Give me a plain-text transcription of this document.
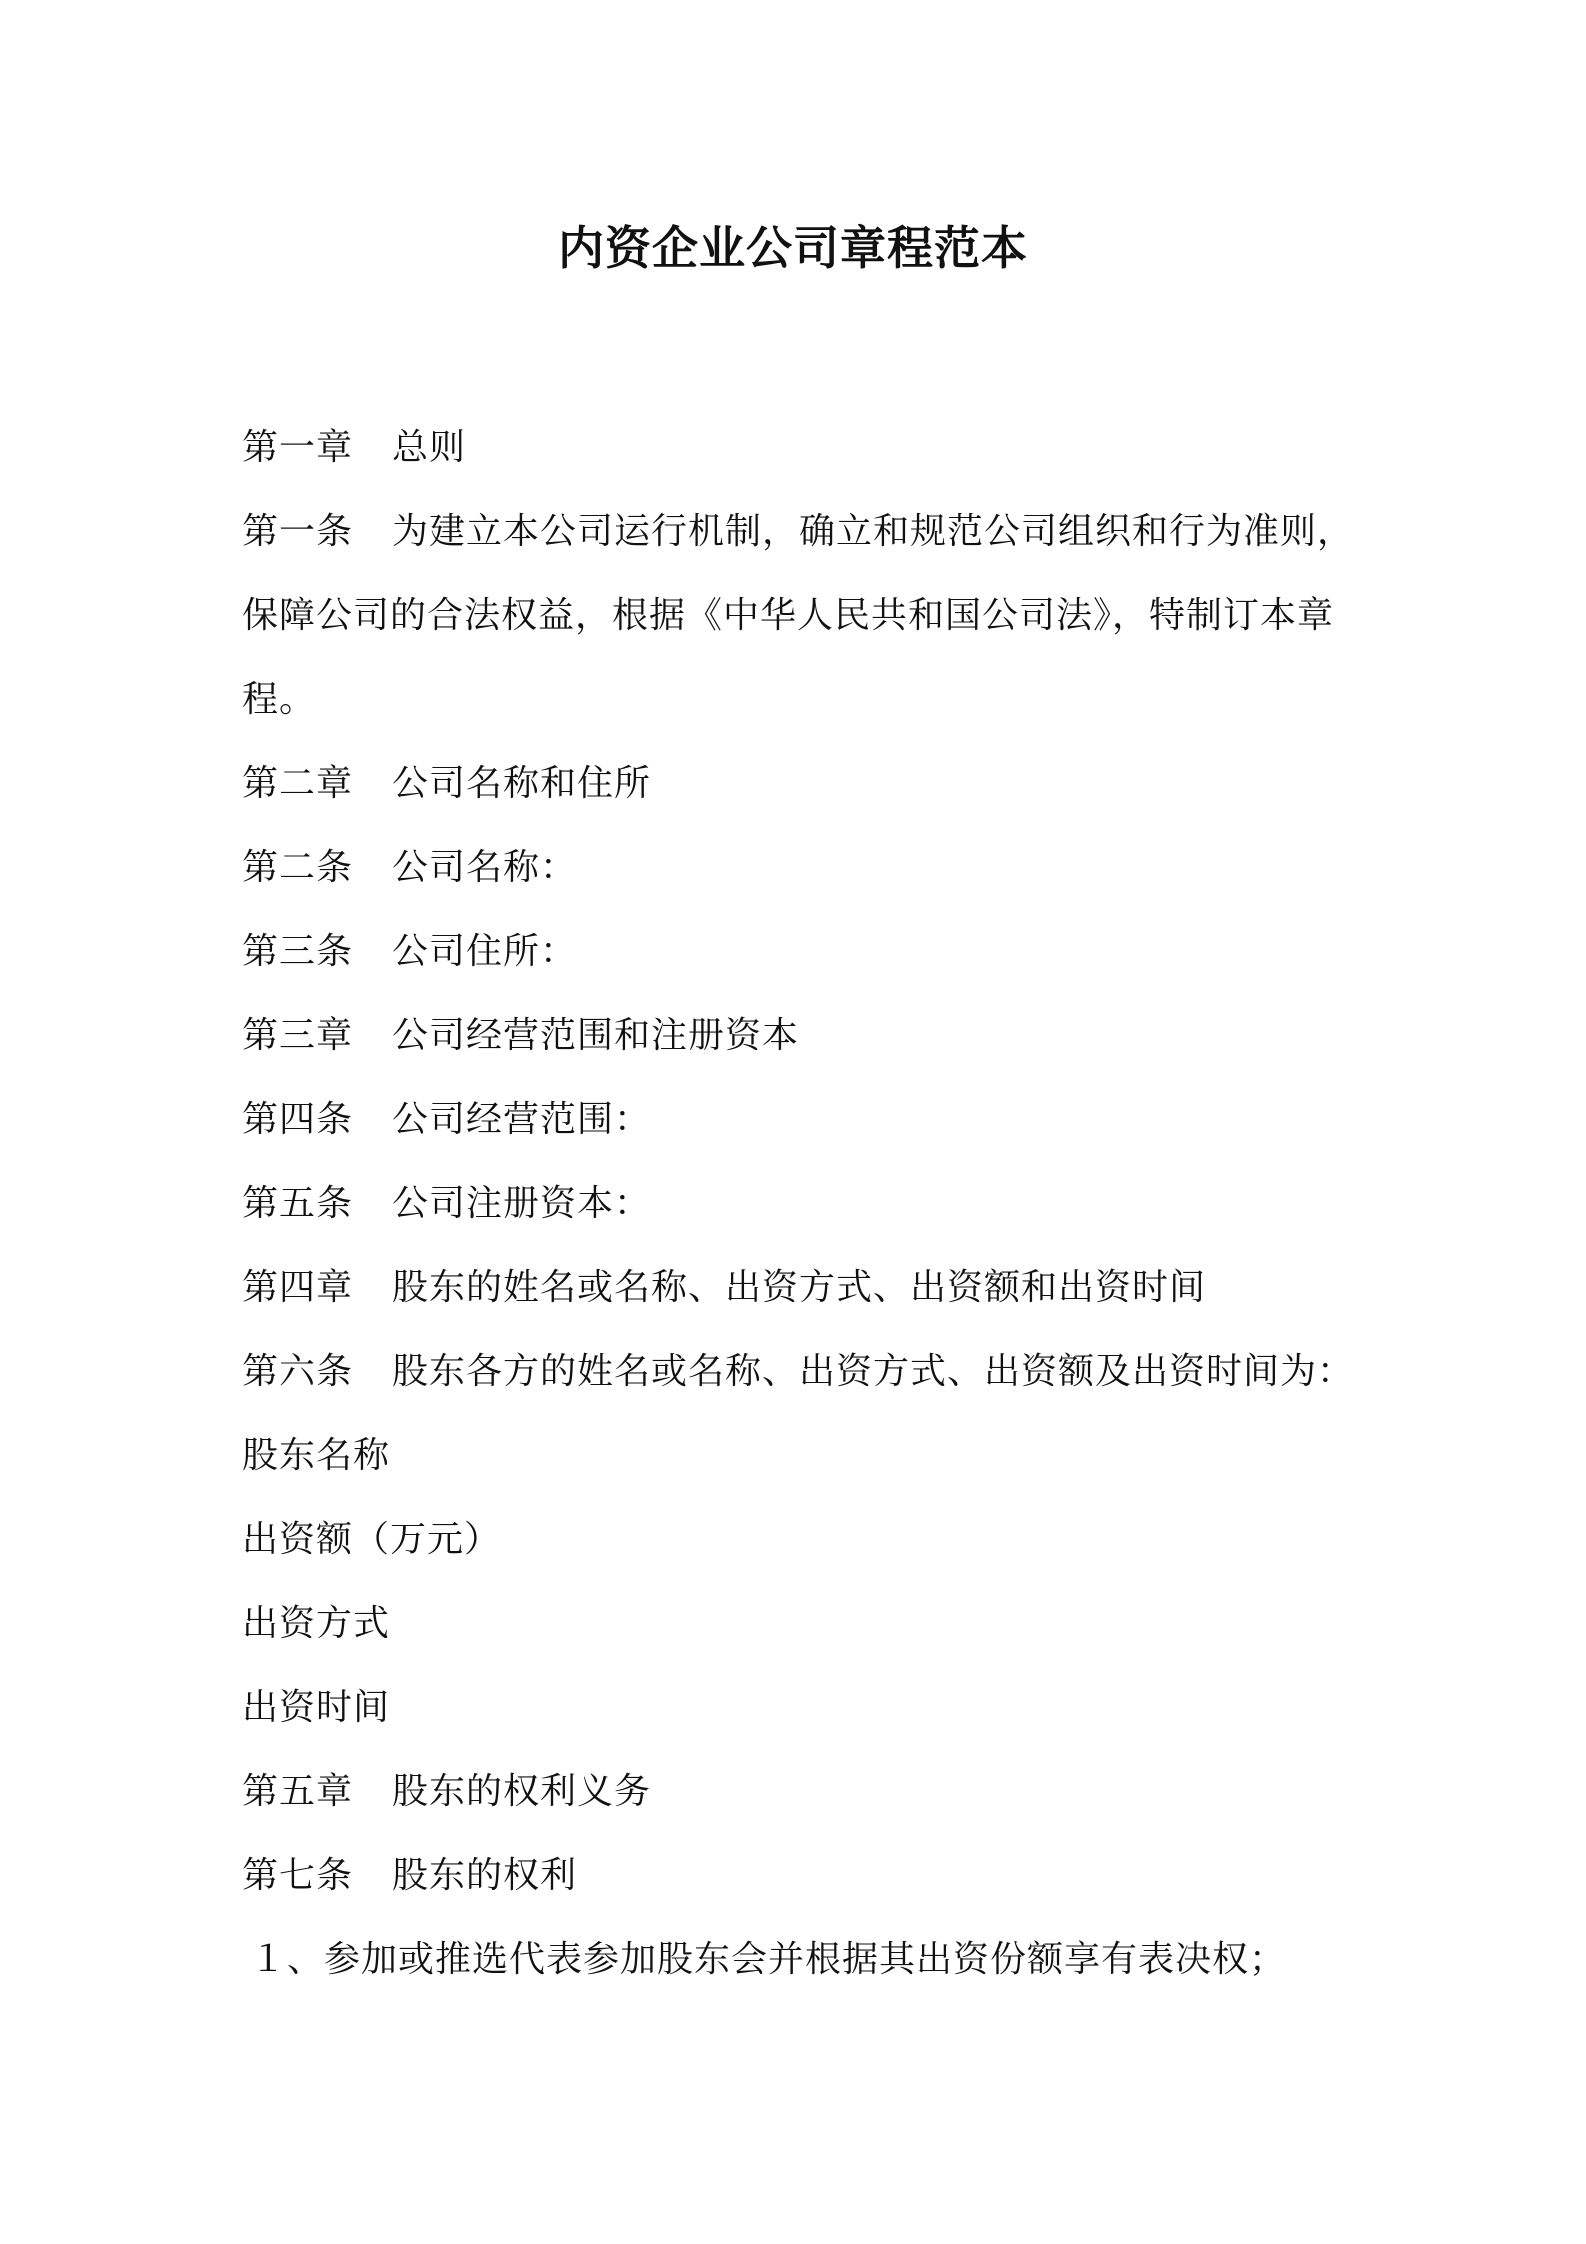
内资企业公司章程范本
第一章 总则
第一条 为建立本公司运行机制，确立和规范公司组织和行为准则，
保障公司的合法权益，根据《中华人民共和国公司法》，特制订本章
程。
第二章 公司名称和住所
第二条 公司名称：
第三条 公司住所：
第三章 公司经营范围和注册资本
第四条 公司经营范围：
第五条 公司注册资本：
第四章 股东的姓名或名称、出资方式、出资额和出资时间
第六条 股东各方的姓名或名称、出资方式、出资额及出资时间为：
股东名称
出资额（万元）
出资方式
出资时间
第五章 股东的权利义务
第七条 股东的权利
１、参加或推选代表参加股东会并根据其出资份额享有表决权；
